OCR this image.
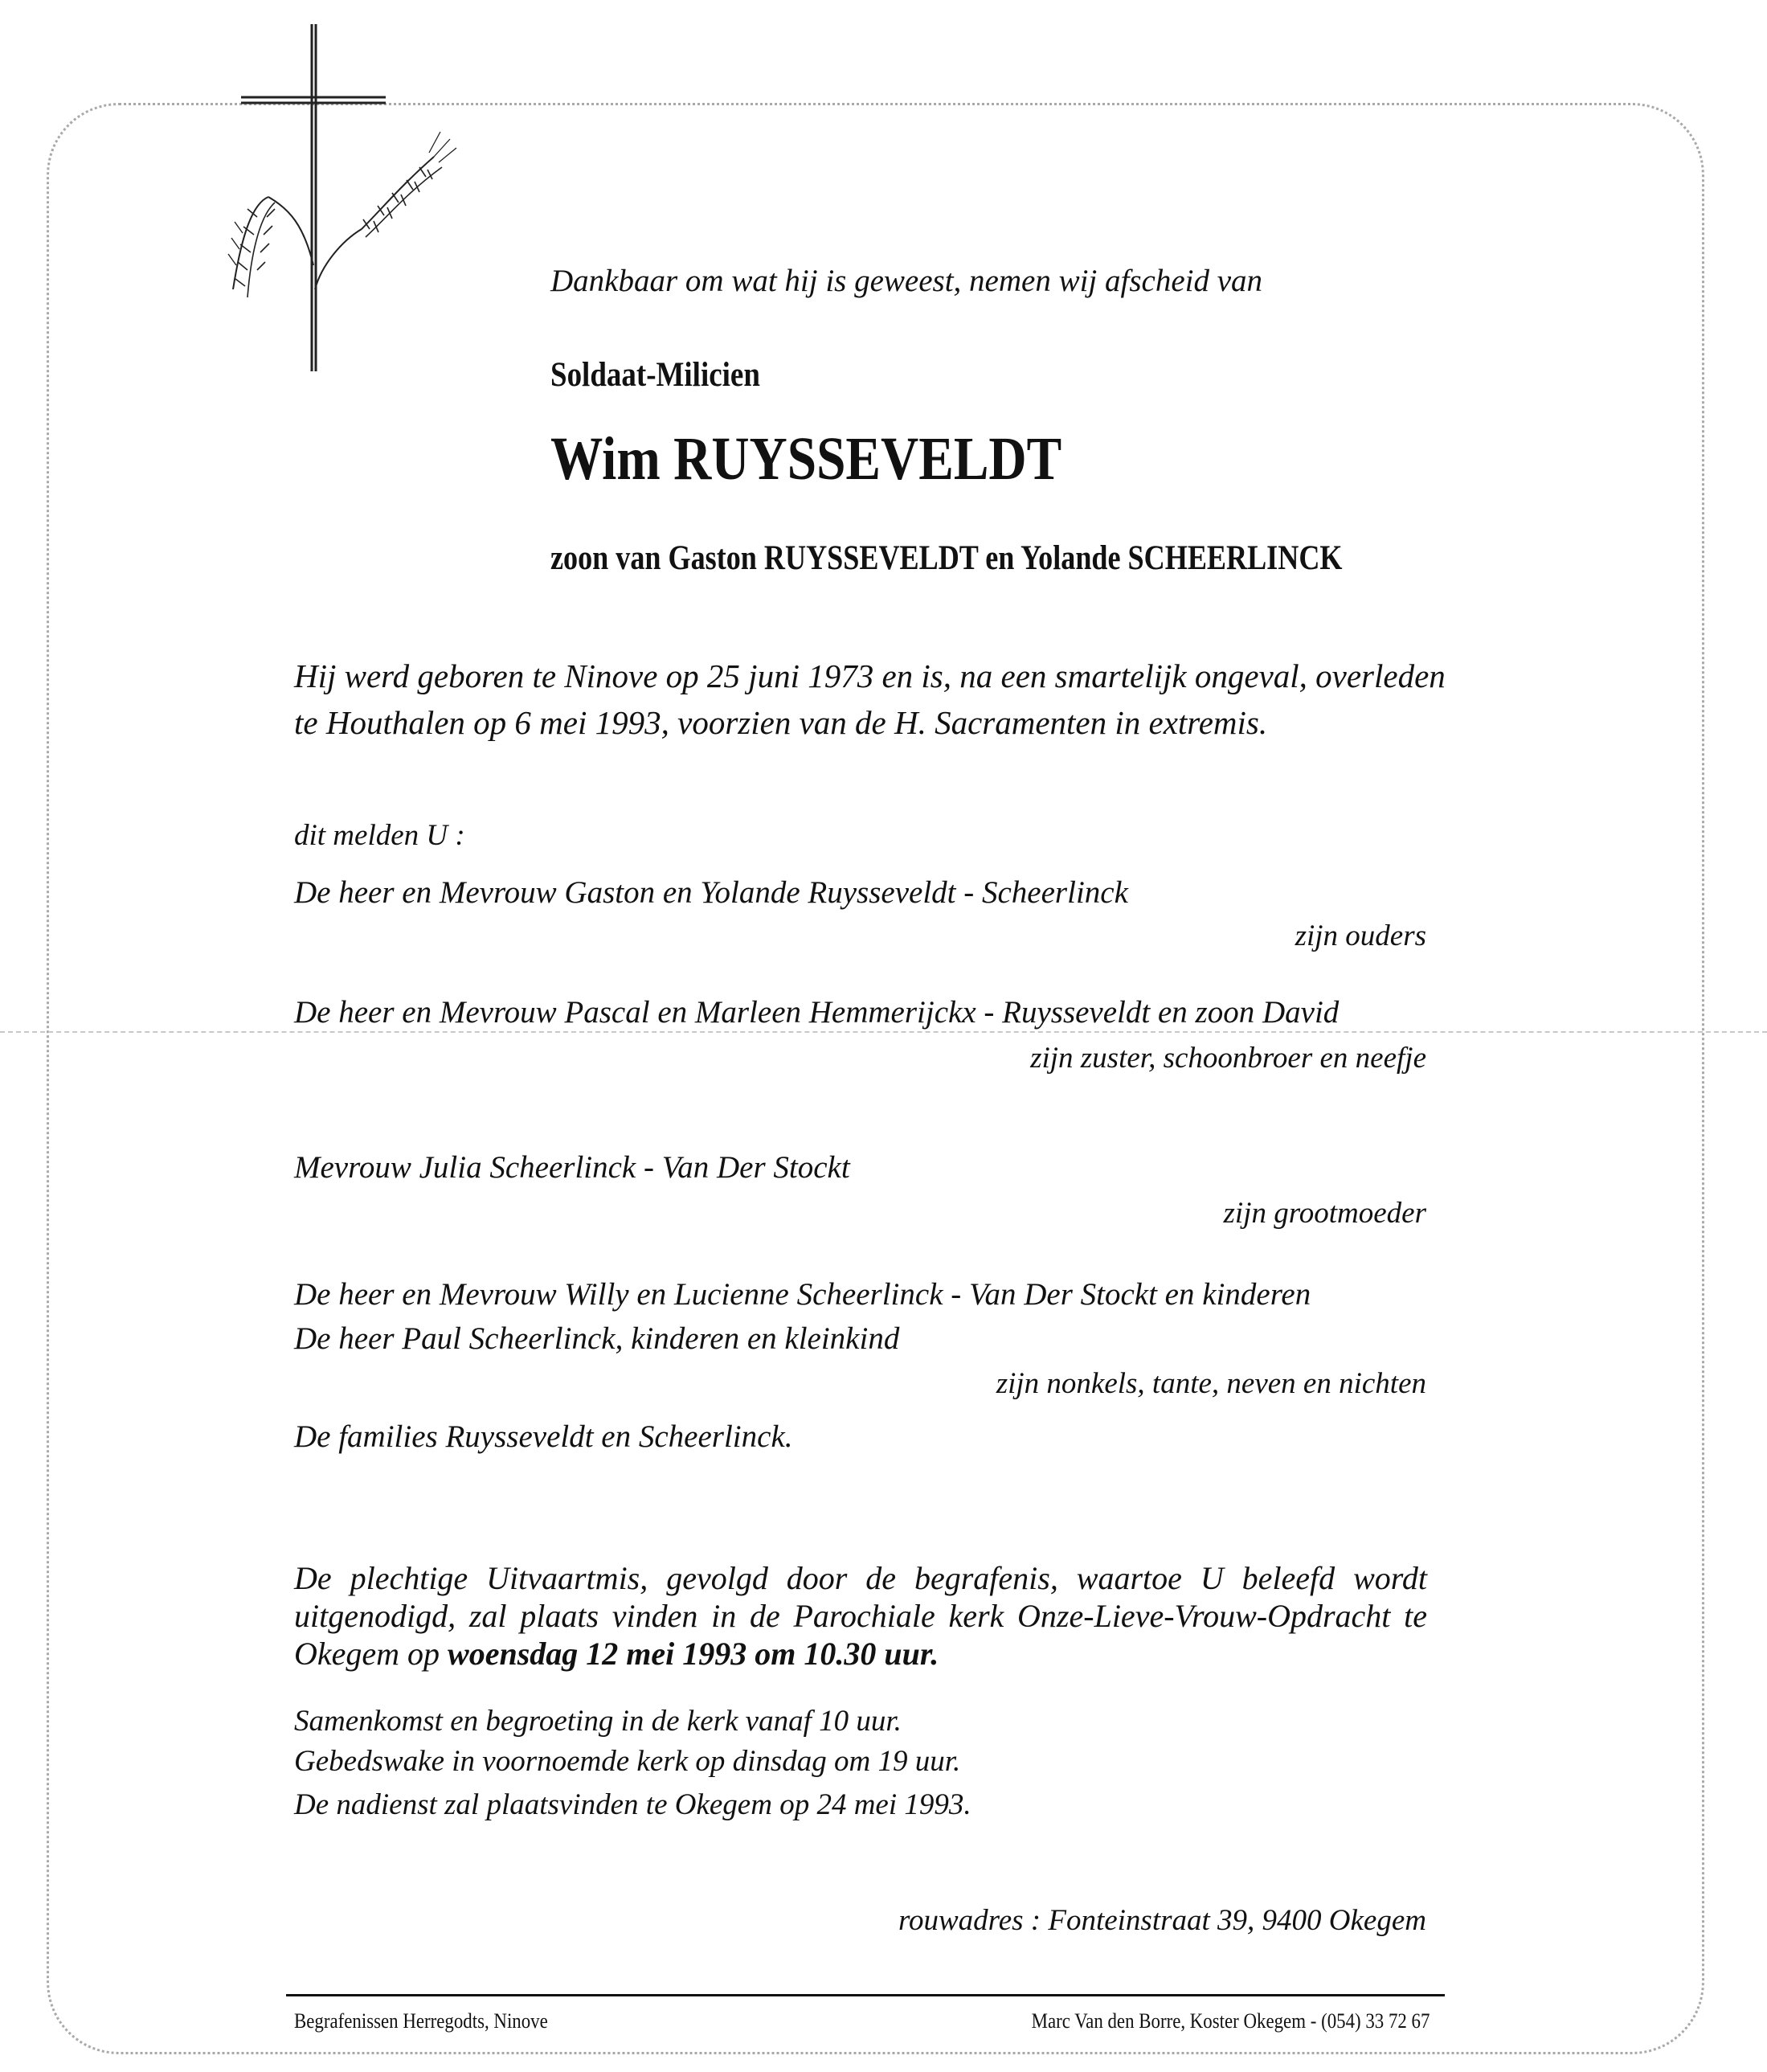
Dankbaar om wat hij is geweest, nemen wij afscheid van
Soldaat-Milicien
Wim RUYSSEVELDT
zoon van Gaston RUYSSEVELDT en Yolande SCHEERLINCK
Hij werd geboren te Ninove op 25 juni 1973 en is, na een smartelijk ongeval, overleden
te Houthalen op 6 mei 1993, voorzien van de H. Sacramenten in extremis.
dit melden U :
De heer en Mevrouw Gaston en Yolande Ruysseveldt - Scheerlinck
zijn ouders
De heer en Mevrouw Pascal en Marleen Hemmerijckx - Ruysseveldt en zoon David
zijn zuster, schoonbroer en neefje
Mevrouw Julia Scheerlinck - Van Der Stockt
zijn grootmoeder
De heer en Mevrouw Willy en Lucienne Scheerlinck - Van Der Stockt en kinderen
De heer Paul Scheerlinck, kinderen en kleinkind
zijn nonkels, tante, neven en nichten
De families Ruysseveldt en Scheerlinck.
De plechtige Uitvaartmis, gevolgd door de begrafenis, waartoe U beleefd wordt
uitgenodigd, zal plaats vinden in de Parochiale kerk Onze-Lieve-Vrouw-Opdracht te
Okegem op woensdag 12 mei 1993 om 10.30 uur.
Samenkomst en begroeting in de kerk vanaf 10 uur.
Gebedswake in voornoemde kerk op dinsdag om 19 uur.
De nadienst zal plaatsvinden te Okegem op 24 mei 1993.
rouwadres : Fonteinstraat 39, 9400 Okegem
Begrafenissen Herregodts, Ninove	Marc Van den Borre, Koster Okegem - (054) 33 72 67
